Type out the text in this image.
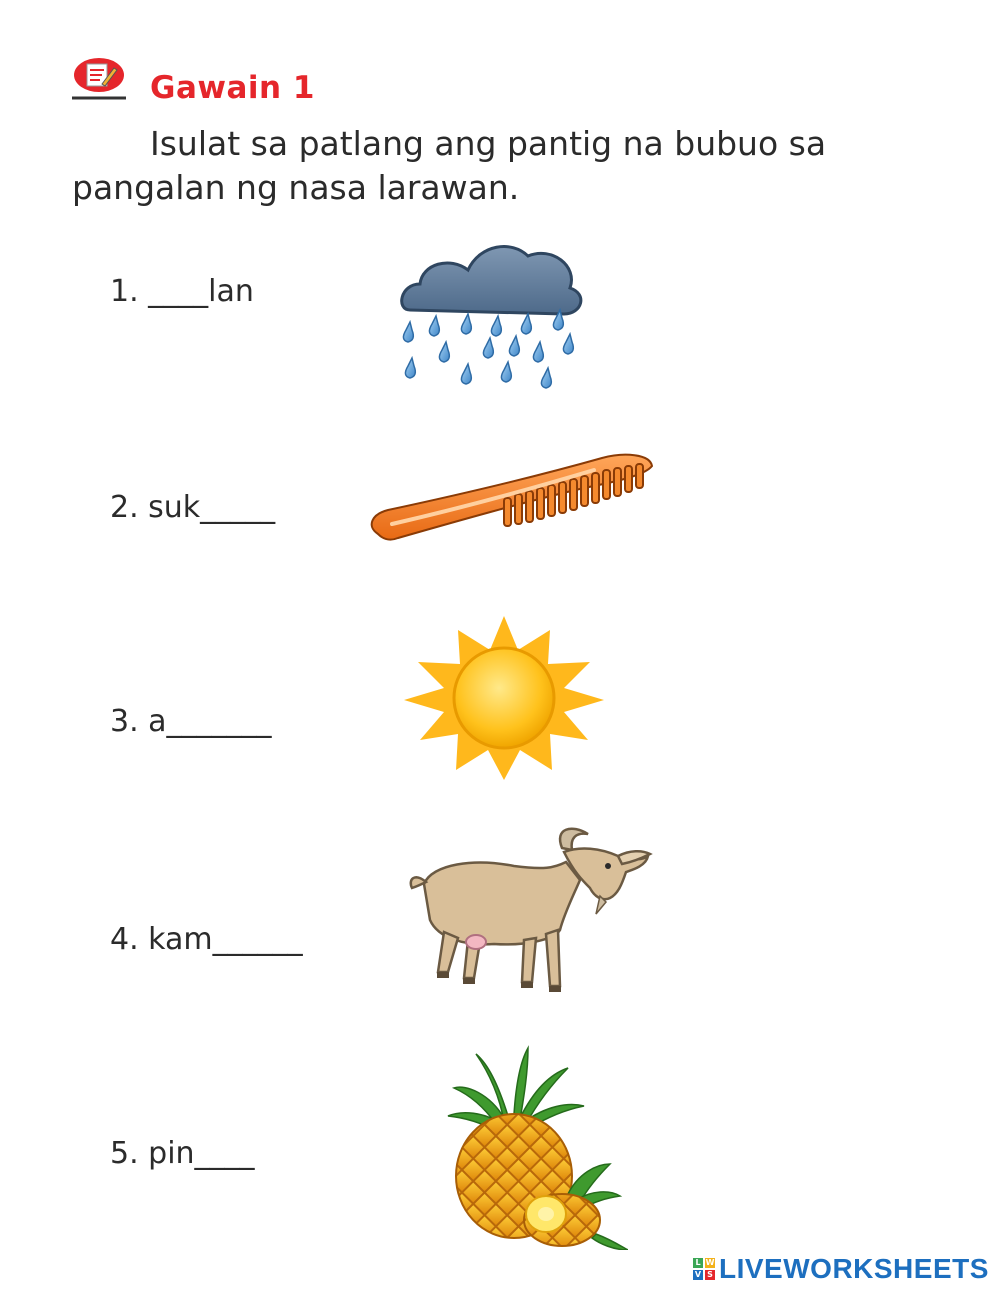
Gawain 1
Isulat sa patlang ang pantig na bubuo sa pangalan ng nasa larawan.
1. ____lan
2. suk_____
3. a_______
4. kam______
5. pin____
L W
V S LIVEWORKSHEETS
